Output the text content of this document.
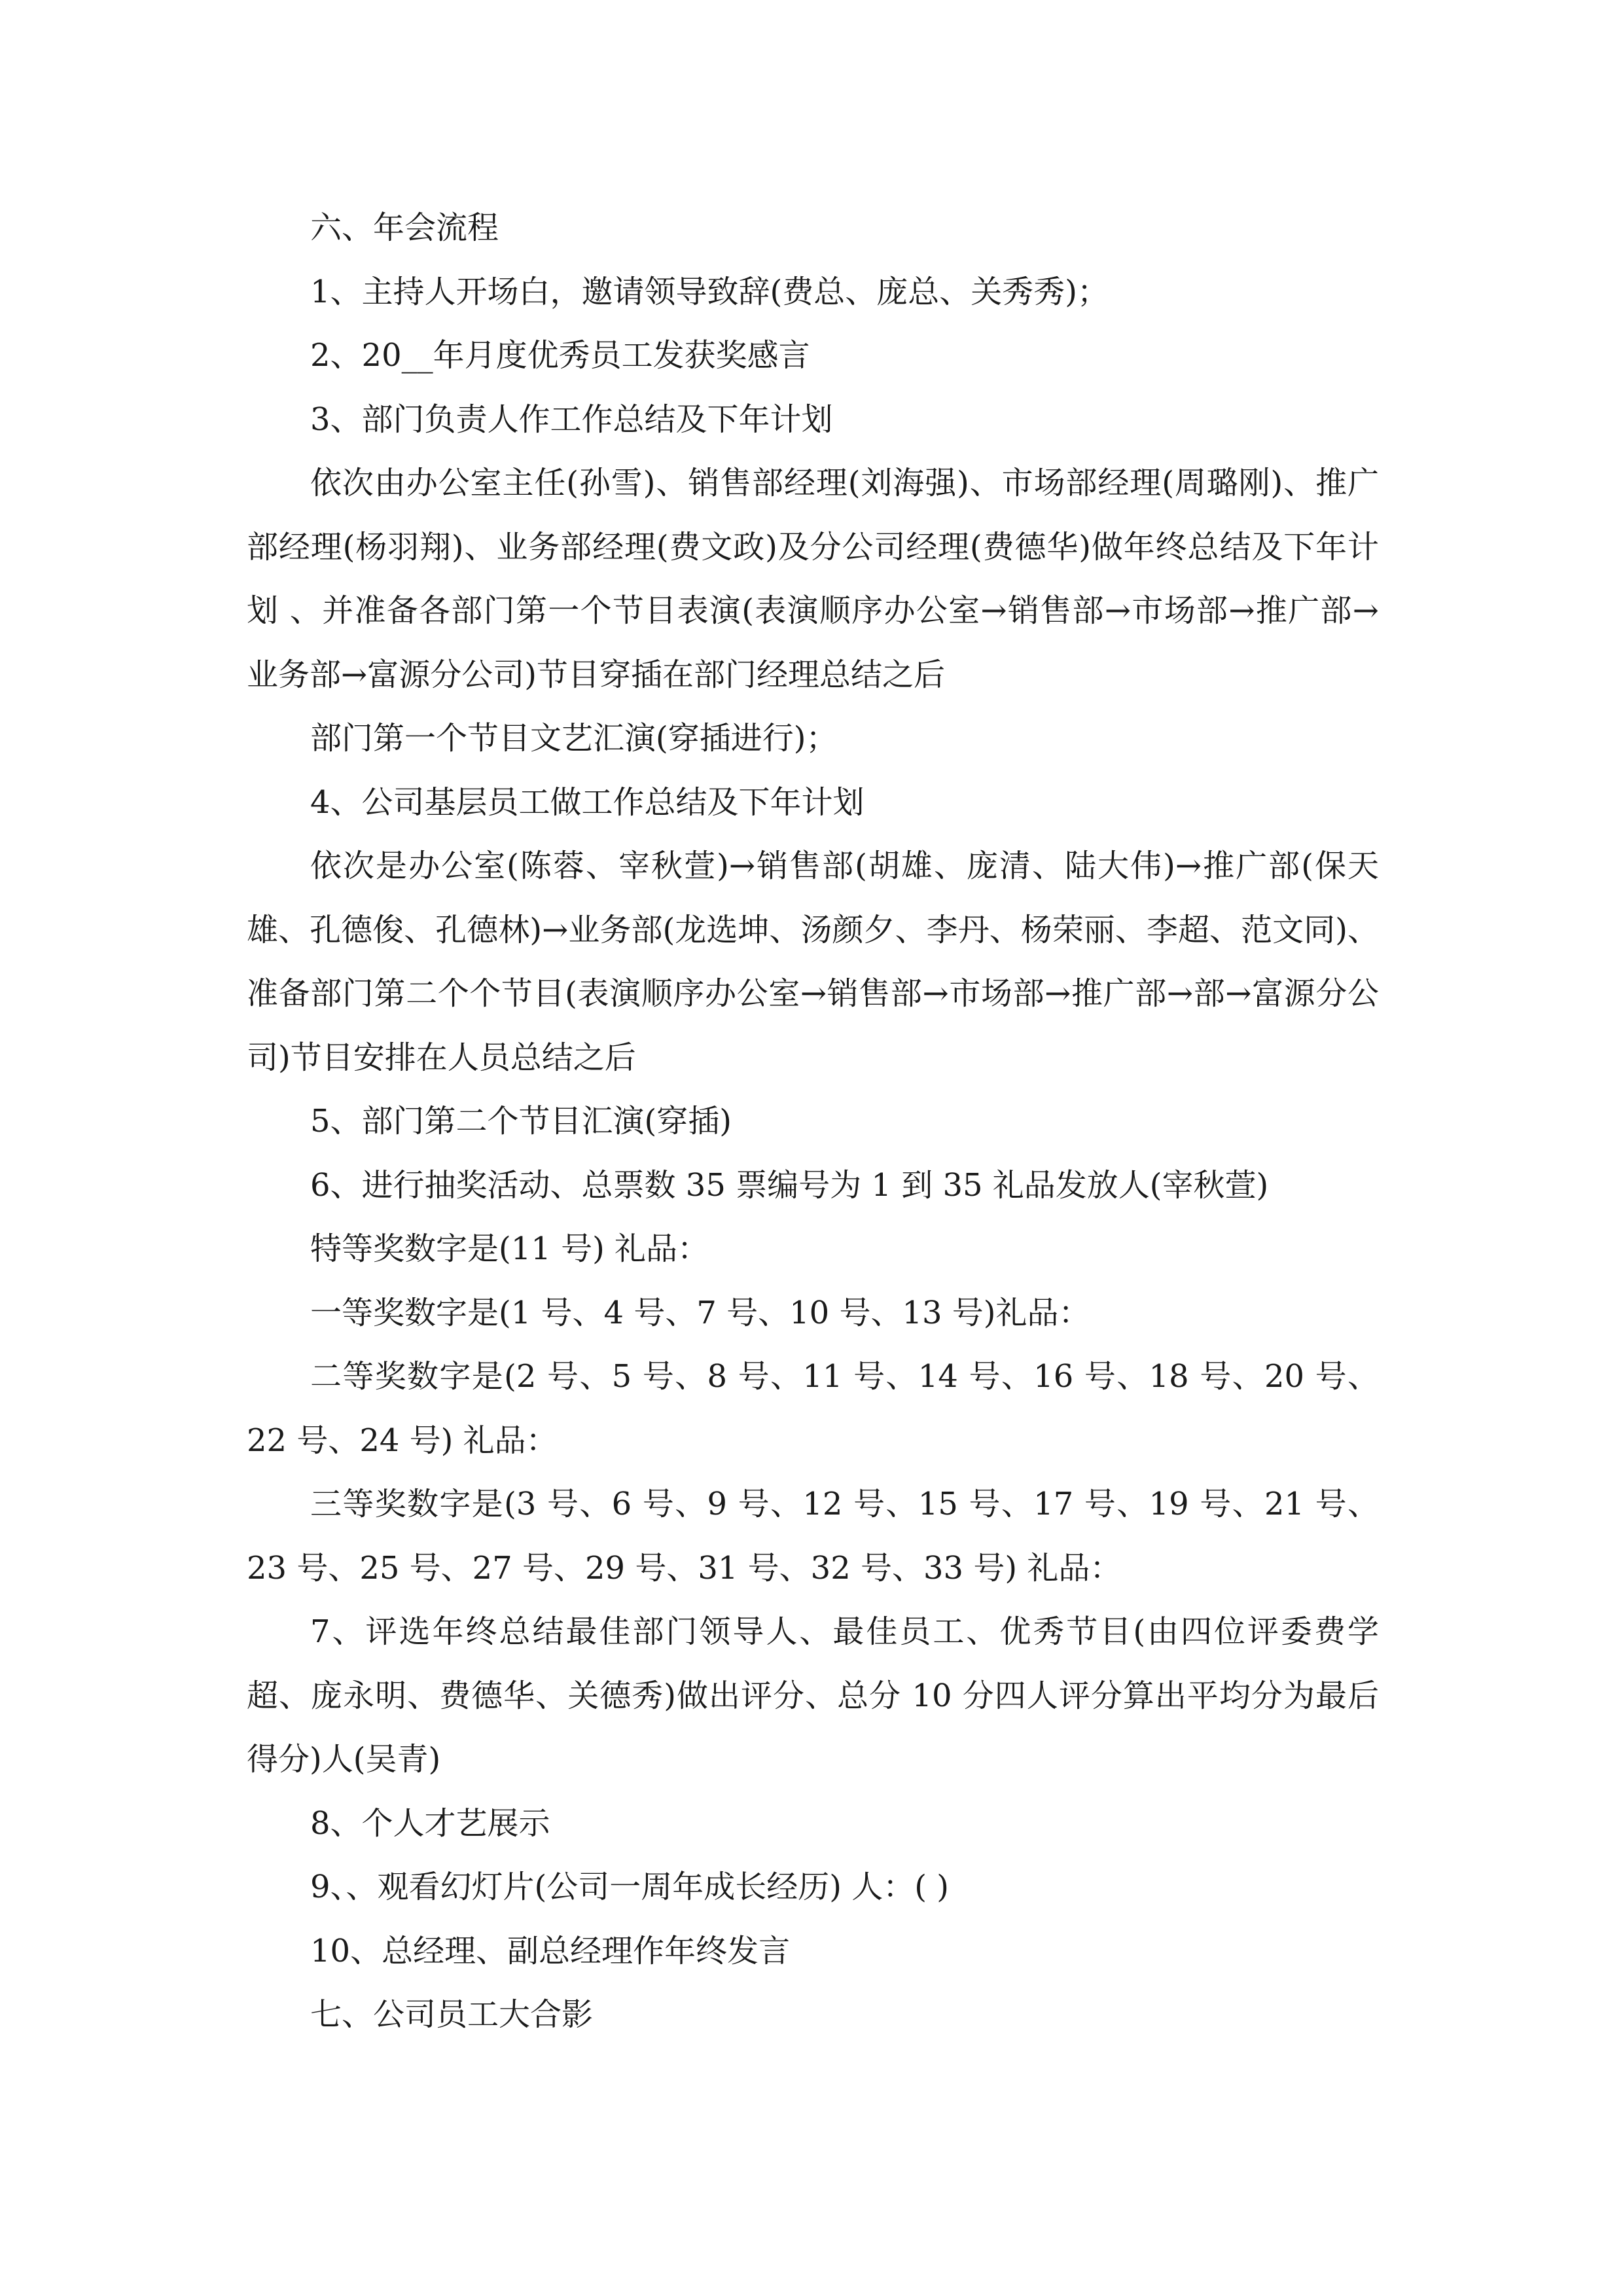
六、年会流程

1、主持人开场白，邀请领导致辞(费总、庞总、关秀秀)；

2、20__年月度优秀员工发获奖感言

3、部门负责人作工作总结及下年计划

依次由办公室主任(孙雪)、销售部经理(刘海强)、市场部经理(周璐刚)、推广部经理(杨羽翔)、业务部经理(费文政)及分公司经理(费德华)做年终总结及下年计划 、并准备各部门第一个节目表演(表演顺序办公室→销售部→市场部→推广部→业务部→富源分公司)节目穿插在部门经理总结之后

部门第一个节目文艺汇演(穿插进行)；

4、公司基层员工做工作总结及下年计划

依次是办公室(陈蓉、宰秋萱)→销售部(胡雄、庞清、陆大伟)→推广部(保天雄、孔德俊、孔德林)→业务部(龙选坤、汤颜夕、李丹、杨荣丽、李超、范文同)、准备部门第二个个节目(表演顺序办公室→销售部→市场部→推广部→部→富源分公司)节目安排在人员总结之后

5、部门第二个节目汇演(穿插)

6、进行抽奖活动、总票数 35 票编号为 1 到 35 礼品发放人(宰秋萱)

特等奖数字是(11 号) 礼品：

一等奖数字是(1 号、4 号、7 号、10 号、13 号)礼品：

二等奖数字是(2 号、5 号、8 号、11 号、14 号、16 号、18 号、20 号、22 号、24 号) 礼品：

三等奖数字是(3 号、6 号、9 号、12 号、15 号、17 号、19 号、21 号、23 号、25 号、27 号、29 号、31 号、32 号、33 号) 礼品：

7、评选年终总结最佳部门领导人、最佳员工、优秀节目(由四位评委费学超、庞永明、费德华、关德秀)做出评分、总分 10 分四人评分算出平均分为最后得分)人(吴青)

8、个人才艺展示

9、、观看幻灯片(公司一周年成长经历) 人：( )

10、总经理、副总经理作年终发言

七、公司员工大合影
